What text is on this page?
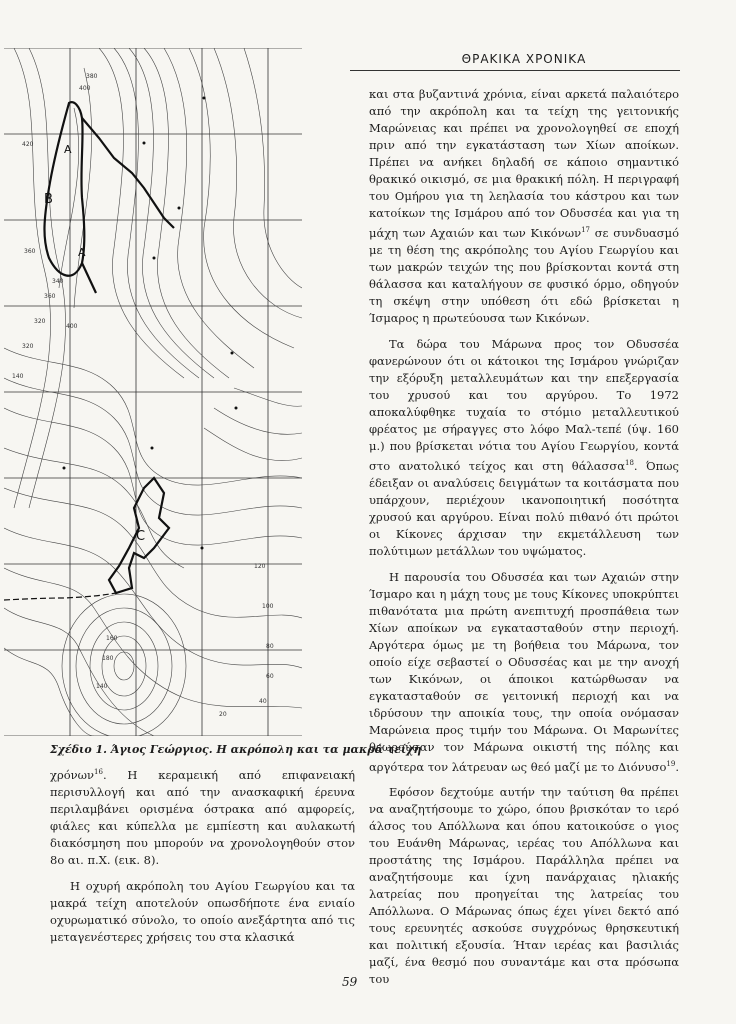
ΘΡΑΚΙΚΑ ΧΡΟΝΙΚΑ
A
B
A
C
380
400
420
360
340
360
320
320
400
140
120
100
80
60
40
20
140
180
160
Σχέδιο 1. Άγιος Γεώργιος. Η ακρόπολη και τα μακρά τείχη

χρόνων$^{16}$. Η κεραμεική από επιφανειακή περισυλλογή και από την ανασκαφική έρευνα περιλαμβάνει ορισμένα όστρακα από αμφορείς, φιάλες και κύπελλα με εμπίεστη και αυλακωτή διακόσμηση που μπορούν να χρονολογηθούν στον 8ο αι. π.Χ. (εικ. 8).

Η οχυρή ακρόπολη του Αγίου Γεωργίου και τα μακρά τείχη αποτελούν οπωσδήποτε ένα ενιαίο οχυρωματικό σύνολο, το οποίο ανεξάρτητα από τις μεταγενέστερες χρήσεις του στα κλασικά

και στα βυζαντινά χρόνια, είναι αρκετά παλαιότερο από την ακρόπολη και τα τείχη της γειτονικής Μαρώνειας και πρέπει να χρονολογηθεί σε εποχή πριν από την εγκατάσταση των Χίων αποίκων. Πρέπει να ανήκει δηλαδή σε κάποιο σημαντικό θρακικό οικισμό, σε μια θρακική πόλη. Η περιγραφή του Ομήρου για τη λεηλασία του κάστρου και των κατοίκων της Ισμάρου από τον Οδυσσέα και για τη μάχη των Αχαιών και των Κικόνων$^{17}$ σε συνδυασμό με τη θέση της ακρόπολης του Αγίου Γεωργίου και των μακρών τειχών της που βρίσκονται κοντά στη θάλασσα και καταλήγουν σε φυσικό όρμο, οδηγούν τη σκέψη στην υπόθεση ότι εδώ βρίσκεται η Ίσμαρος η πρωτεύουσα των Κικόνων.

Τα δώρα του Μάρωνα προς τον Οδυσσέα φανερώνουν ότι οι κάτοικοι της Ισμάρου γνώριζαν την εξόρυξη μεταλλευμάτων και την επεξεργασία του χρυσού και του αργύρου. Το 1972 αποκαλύφθηκε τυχαία το στόμιο μεταλλευτικού φρέατος με σήραγγες στο λόφο Μαλ-τεπέ (ύψ. 160 μ.) που βρίσκεται νότια του Αγίου Γεωργίου, κοντά στο ανατολικό τείχος και στη θάλασσα$^{18}$. Όπως έδειξαν οι αναλύσεις δειγμάτων τα κοιτάσματα που υπάρχουν, περιέχουν ικανοποιητική ποσότητα χρυσού και αργύρου. Είναι πολύ πιθανό ότι πρώτοι οι Κίκονες άρχισαν την εκμετάλλευση των πολύτιμων μετάλλων του υψώματος.

Η παρουσία του Οδυσσέα και των Αχαιών στην Ίσμαρο και η μάχη τους με τους Κίκονες υποκρύπτει πιθανότατα μια πρώτη ανεπιτυχή προσπάθεια των Χίων αποίκων να εγκατασταθούν στην περιοχή. Αργότερα όμως με τη βοήθεια του Μάρωνα, τον οποίο είχε σεβαστεί ο Οδυσσέας και με την ανοχή των Κικόνων, οι άποικοι κατώρθωσαν να εγκατασταθούν σε γειτονική περιοχή και να ιδρύσουν την αποικία τους, την οποία ονόμασαν Μαρώνεια προς τιμήν του Μάρωνα. Οι Μαρωνίτες θεωρούσαν τον Μάρωνα οικιστή της πόλης και αργότερα τον λάτρευαν ως θεό μαζί με το Διόνυσο$^{19}$.

Εφόσον δεχτούμε αυτήν την ταύτιση θα πρέπει να αναζητήσουμε το χώρο, όπου βρισκόταν το ιερό άλσος του Απόλλωνα και όπου κατοικούσε ο γιος του Ευάνθη Μάρωνας, ιερέας του Απόλλωνα και προστάτης της Ισμάρου. Παράλληλα πρέπει να αναζητήσουμε και ίχνη πανάρχαιας ηλιακής λατρείας που προηγείται της λατρείας του Απόλλωνα. Ο Μάρωνας όπως έχει γίνει δεκτό από τους ερευνητές ασκούσε συγχρόνως θρησκευτική και πολιτική εξουσία. Ήταν ιερέας και βασιλιάς μαζί, ένα θεσμό που συναντάμε και στα πρόσωπα του

59
